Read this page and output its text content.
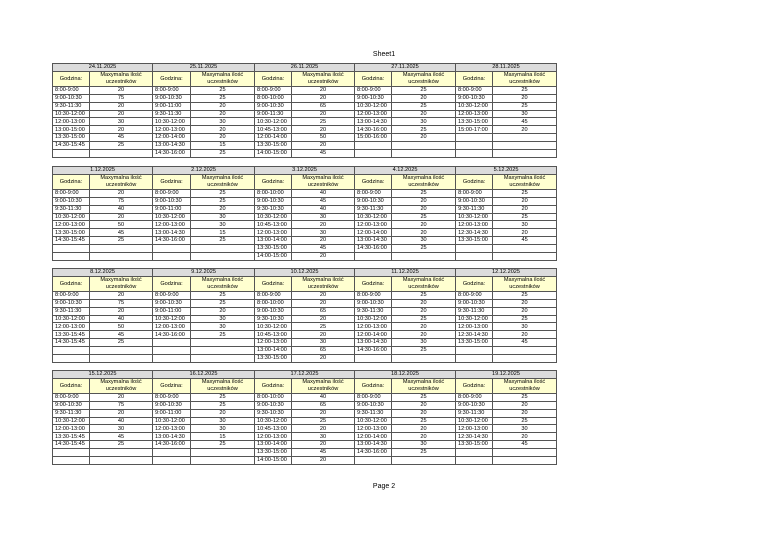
Sheet1
24.11.2025		25.11.2025		26.11.2025		27.11.2025		28.11.2025	
Godzina:	Maxymalna ilość uczestników	Godzina:	Maxymalna ilość uczestników	Godzina:	Maxymalna ilość uczestników	Godzina:	Maxymalna ilość uczestników	Godzina:	Maxymalna ilość uczestników
8:00-9:00	20	8:00-9:00	25	8:00-9:00	20	8:00-9:00	25	8:00-9:00	25
9:00-10:30	75	9:00-10:30	25	8:00-10:00	20	9:00-10:30	20	9:00-10:30	20
9:30-11:30	20	9:00-11:00	20	9:00-10:30	65	10:30-12:00	25	10:30-12:00	25
10:30-12:00	20	9:30-11:30	20	9:00-11:30	20	12:00-13:00	20	12:00-13:00	30
12:00-13:00	30	10:30-12:00	30	10:30-12:00	25	13:00-14:30	30	13:30-15:00	45
13:00-15:00	20	12:00-13:00	20	10:45-13:00	20	14:30-16:00	25	15:00-17:00	20
13:30-15:00	45	12:00-14:00	20	12:00-14:00	50	15:00-16:00	20		
14:30-15:45	25	13:00-14:30	15	13:30-15:00	20				
		14:30-16:00	25	14:00-15:00	45				
1.12.2025		2.12.2025		3.12.2025		4.12.2025		5.12.2025	
Godzina:	Maxymalna ilość uczestników	Godzina:	Maxymalna ilość uczestników	Godzina:	Maxymalna ilość uczestników	Godzina:	Maxymalna ilość uczestników	Godzina:	Maxymalna ilość uczestników
8:00-9:00	20	8:00-9:00	25	8:00-10:00	40	8:00-9:00	25	8:00-9:00	25
9:00-10:30	75	9:00-10:30	25	9:00-10:30	45	9:00-10:30	20	9:00-10:30	20
9:30-11:30	40	9:00-11:00	20	9:30-10:30	40	9:30-11:30	20	9:30-11:30	20
10:30-12:00	20	10:30-12:00	30	10:30-12:00	30	10:30-12:00	25	10:30-12:00	25
12:00-13:00	50	12:00-13:00	30	10:45-13:00	20	12:00-13:00	20	12:00-13:00	30
13:30-15:00	45	13:00-14:30	15	12:00-13:00	30	12:00-14:00	20	12:30-14:30	20
14:30-15:45	25	14:30-16:00	25	13:00-14:00	20	13:00-14:30	30	13:30-15:00	45
				13:30-15:00	45	14:30-16:00	25		
				14:00-15:00	20				
8.12.2025		9.12.2025		10.12.2025		11.12.2025		12.12.2025	
Godzina:	Maxymalna ilość uczestników	Godzina:	Maxymalna ilość uczestników	Godzina:	Maxymalna ilość uczestników	Godzina:	Maxymalna ilość uczestników	Godzina:	Maxymalna ilość uczestników
8:00-9:00	20	8:00-9:00	25	8:00-9:00	20	8:00-9:00	25	8:00-9:00	25
9:00-10:30	75	9:00-10:30	25	8:00-10:00	20	9:00-10:30	20	9:00-10:30	20
9:30-11:30	20	9:00-11:00	20	9:00-10:30	65	9:30-11:30	20	9:30-11:30	20
10:30-12:00	40	10:30-12:00	30	9:30-10:30	20	10:30-12:00	25	10:30-12:00	25
12:00-13:00	50	12:00-13:00	30	10:30-12:00	25	12:00-13:00	20	12:00-13:00	30
13:30-15:45	45	14:30-16:00	25	10:45-13:00	20	12:00-14:00	20	12:30-14:30	20
14:30-15:45	25			12:00-13:00	30	13:00-14:30	30	13:30-15:00	45
				13:00-14:00	65	14:30-16:00	25		
				13:30-15:00	20				
15.12.2025		16.12.2025		17.12.2025		18.12.2025		19.12.2025	
Godzina:	Maxymalna ilość uczestników	Godzina:	Maxymalna ilość uczestników	Godzina:	Maxymalna ilość uczestników	Godzina:	Maxymalna ilość uczestników	Godzina:	Maxymalna ilość uczestników
8:00-9:00	20	8:00-9:00	25	8:00-10:00	40	8:00-9:00	25	8:00-9:00	25
9:00-10:30	75	9:00-10:30	25	9:00-10:30	65	9:00-10:30	20	9:00-10:30	20
9:30-11:30	20	9:00-11:00	20	9:30-10:30	20	9:30-11:30	20	9:30-11:30	20
10:30-12:00	40	10:30-12:00	30	10:30-12:00	25	10:30-12:00	25	10:30-12:00	25
12:00-13:00	30	12:00-13:00	30	10:45-13:00	20	12:00-13:00	20	12:00-13:00	30
13:30-15:45	45	13:00-14:30	15	12:00-13:00	30	12:00-14:00	20	12:30-14:30	20
14:30-15:45	25	14:30-16:00	25	13:00-14:00	20	13:00-14:30	30	13:30-15:00	45
				13:30-15:00	45	14:30-16:00	25		
				14:00-15:00	20				
Page 2
